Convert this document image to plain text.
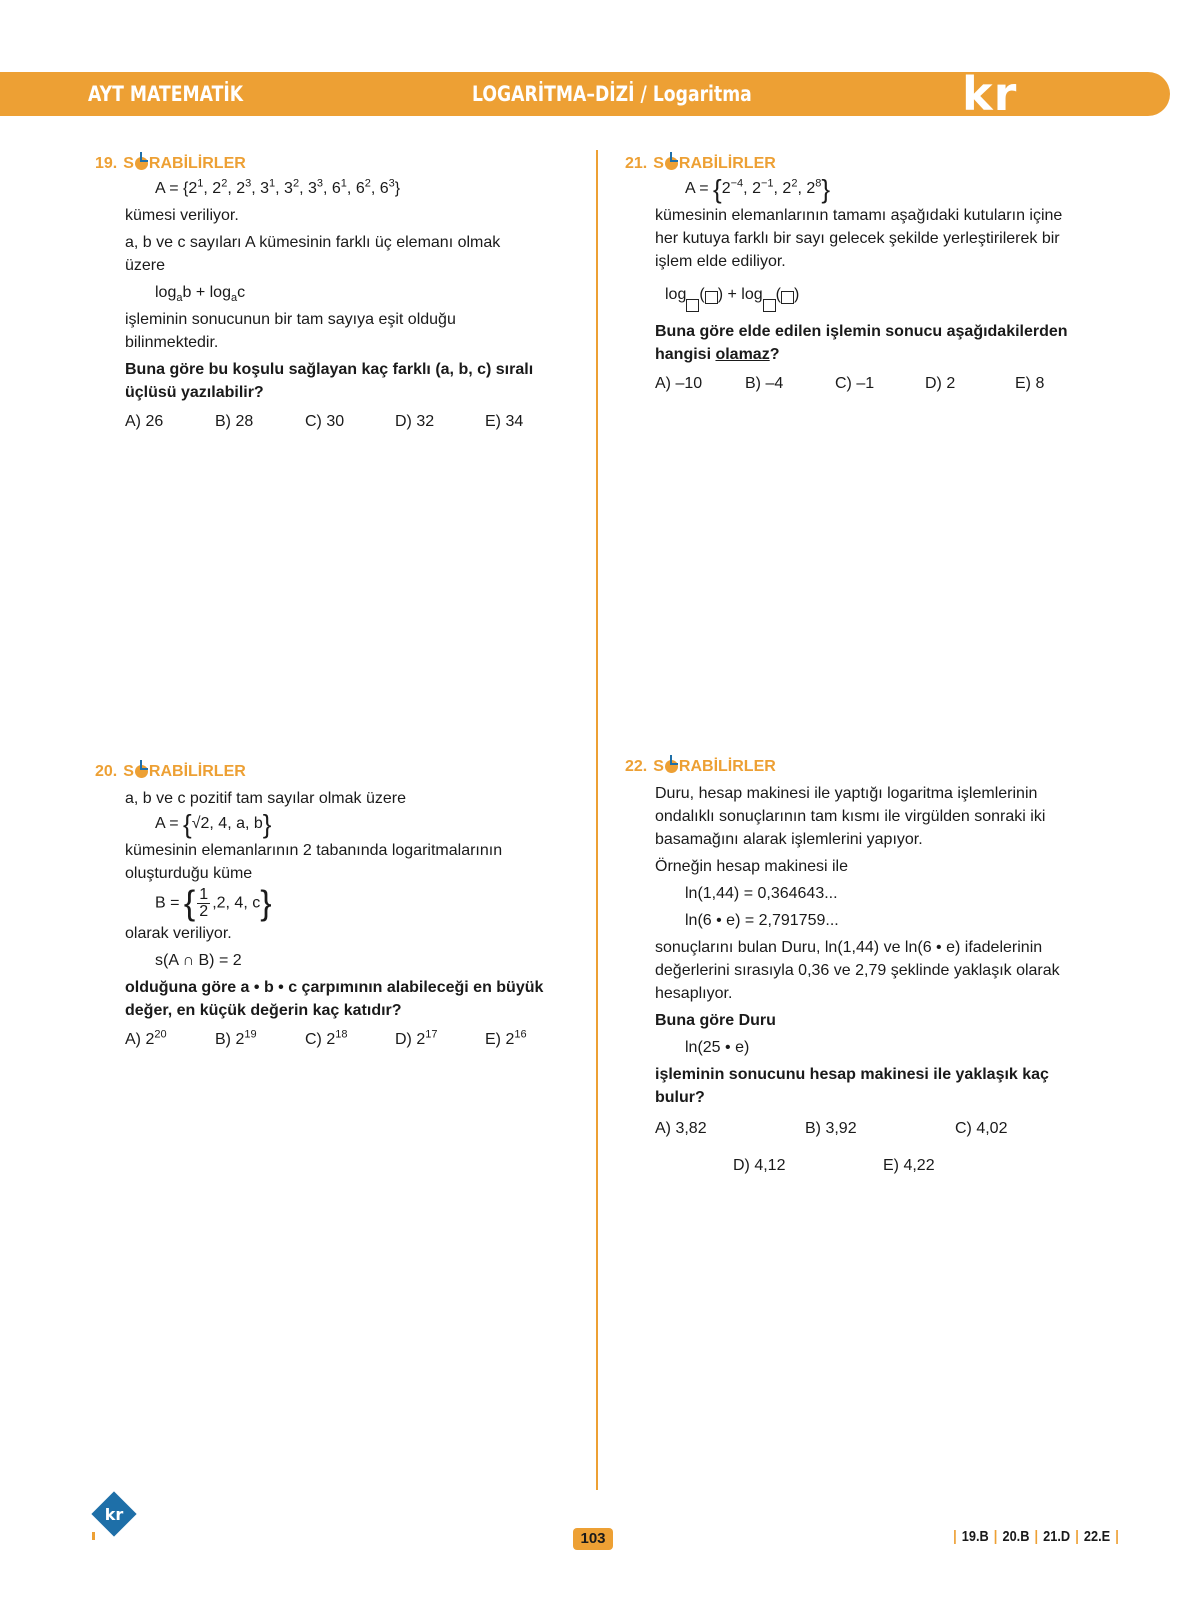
AYT MATEMATİK	LOGARİTMA–DİZİ / Logaritma	kr twins
19. S RABİLİRLER
$A = \{2^1$, $2^2$, $2^3$, $3^1$, $3^2$, $3^3$, $6^1$, $6^2$, $6^3$}

kümesi veriliyor.

a, b ve c sayıları A kümesinin farklı üç elemanı olmak

üzere

$\log_ab + \log_ac$

işleminin sonucunun bir tam sayıya eşit olduğu

bilinmektedir.

Buna göre bu koşulu sağlayan kaç farklı (a, b, c) sıralı

üçlüsü yazılabilir?

A) 26	B) 28	C) 30	D) 32	E) 34
21. S RABİLİRLER
$A = \{2^{-4}$, $2^{-1}$, $2^2$, $2^8$}

kümesinin elemanlarının tamamı aşağıdaki kutuların içine

her kutuya farklı bir sayı gelecek şekilde yerleştirilerek bir

işlem elde ediliyor.

log ( ) + log ( )

Buna göre elde edilen işlemin sonucu aşağıdakilerden

hangisi olamaz?

A) –10	B) –4	C) –1	D) 2	E) 8
20. S RABİLİRLER

a, b ve c pozitif tam sayılar olmak üzere

A = {√2, 4, a, b}

kümesinin elemanlarının 2 tabanında logaritmalarının

oluşturduğu küme

B = { $\frac{1}{2} ,2$, 4, c}

olarak veriliyor.

s(A ∩ B) = 2

olduğuna göre a • b • c çarpımının alabileceği en büyük

değer, en küçük değerin kaç katıdır?

A) $2^{20}$	B) $2^{19}$	C) $2^{18}$	D) $2^{17}$	E) $2^{16}$
22. S RABİLİRLER

Duru, hesap makinesi ile yaptığı logaritma işlemlerinin

ondalıklı sonuçlarının tam kısmı ile virgülden sonraki iki

basamağını alarak işlemlerini yapıyor.

Örneğin hesap makinesi ile

ln(1,44) = 0,364643...

ln(6 • e) = 2,791759...

sonuçlarını bulan Duru, ln(1,44) ve ln(6 • e) ifadelerinin

değerlerini sırasıyla 0,36 ve 2,79 şeklinde yaklaşık olarak

hesaplıyor.

Buna göre Duru

ln(25 • e)

işleminin sonucunu hesap makinesi ile yaklaşık kaç

bulur?

A) 3,82	B) 3,92	C) 4,02
D) 4,12	E) 4,22
kr
103	| 19.B | 20.B | 21.D | 22.E |
